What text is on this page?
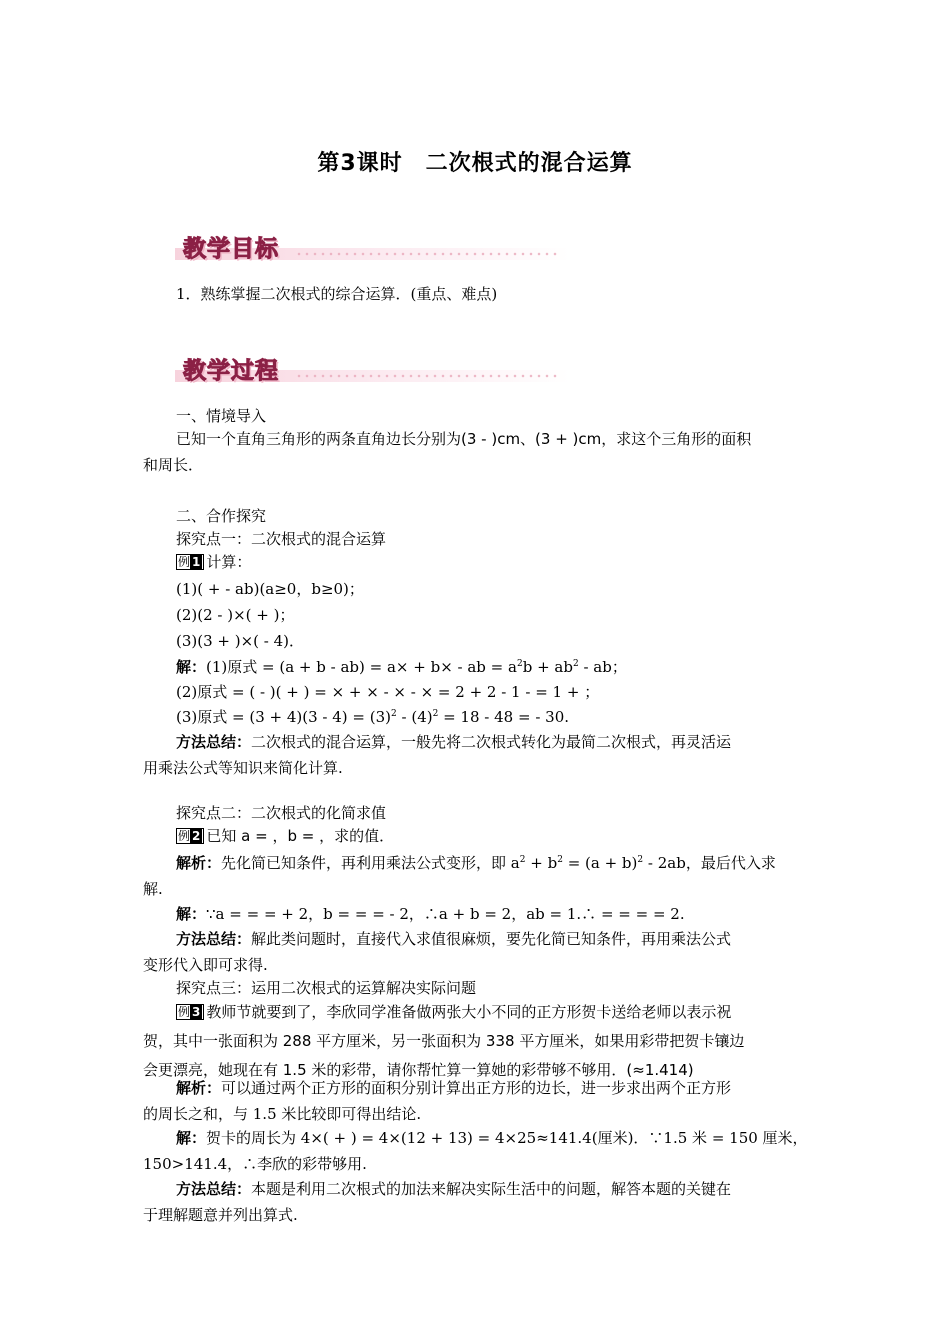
第3课时　二次根式的混合运算
教学目标
1．熟练掌握二次根式的综合运算．(重点、难点)
教学过程
一、情境导入
已知一个直角三角形的两条直角边长分别为(3 - )cm、(3 + )cm，求这个三角形的面积
和周长．
二、合作探究
探究点一：二次根式的混合运算
例 1 计算：
(1)( + - ab)(a≥0，b≥0)；
(2)(2 - )×( + )；
(3)(3 + )×( - 4)．
解：(1)原式 = (a + b - ab) = a× + b× - ab = $a^2b + ab^2$ - ab；
(2)原式 = ( - )( + ) = × + × - × - × = 2 + 2 - 1 - = 1 + ；
(3)原式 = $(3 + 4)(3 - 4) = (3)^2 - (4)^2 = 18 - 48$ = - 30.
方法总结：二次根式的混合运算，一般先将二次根式转化为最简二次根式，再灵活运
用乘法公式等知识来简化计算.
探究点二：二次根式的化简求值
例 2 已知 a = ，b = ，求的值．
解析：先化简已知条件，再利用乘法公式变形，即 $a^2 + b^2 = (a + b)^2 - 2ab$，最后代入求
解.
解：∵a = = = + 2，b = = = - 2，∴a + b = 2，ab = 1.∴ = = = = 2.
方法总结：解此类问题时，直接代入求值很麻烦，要先化简已知条件，再用乘法公式
变形代入即可求得.
探究点三：运用二次根式的运算解决实际问题
例 3 教师节就要到了，李欣同学准备做两张大小不同的正方形贺卡送给老师以表示祝
贺，其中一张面积为 288 平方厘米，另一张面积为 338 平方厘米，如果用彩带把贺卡镶边
会更漂亮，她现在有 1.5 米的彩带，请你帮忙算一算她的彩带够不够用．(≈1.414)
解析：可以通过两个正方形的面积分别计算出正方形的边长，进一步求出两个正方形
的周长之和，与 1.5 米比较即可得出结论.
解：贺卡的周长为 4×( + ) = 4×(12 + 13) = 4×25≈141.4(厘米)．∵1.5 米 = 150 厘米，
150>141.4，∴李欣的彩带够用.
方法总结：本题是利用二次根式的加法来解决实际生活中的问题，解答本题的关键在
于理解题意并列出算式.
